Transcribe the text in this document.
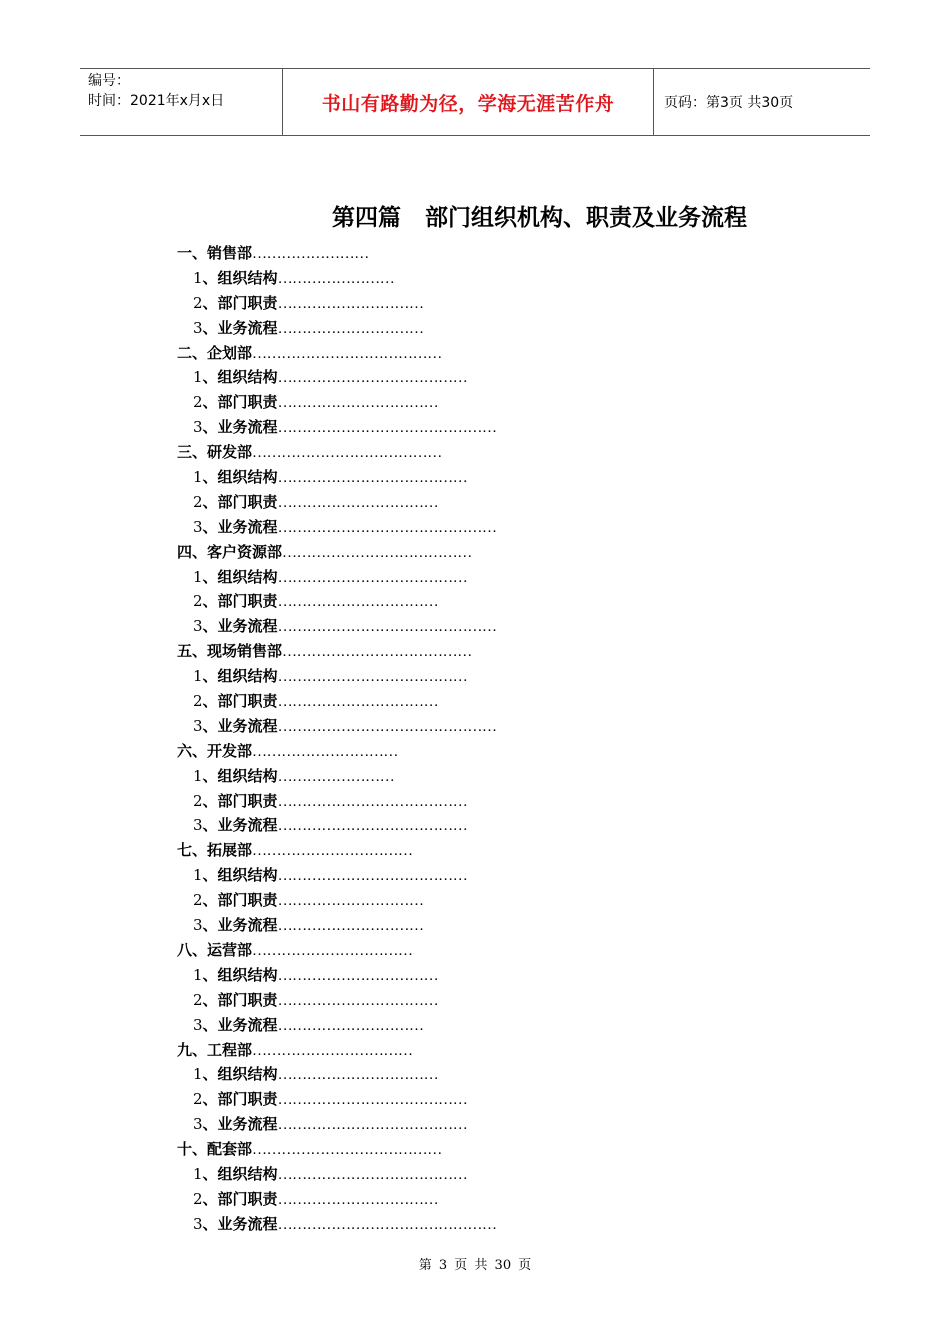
编号：
时间：2021年x月x日	书山有路勤为径，学海无涯苦作舟	页码：第3页 共30页
第四篇   部门组织机构、职责及业务流程
一、销售部……………………
1、组织结构……………………
2、部门职责…………………………
3、业务流程…………………………
二、企划部…………………………………
1、组织结构…………………………………
2、部门职责……………………………
3、业务流程………………………………………
三、研发部…………………………………
1、组织结构…………………………………
2、部门职责……………………………
3、业务流程………………………………………
四、客户资源部…………………………………
1、组织结构…………………………………
2、部门职责……………………………
3、业务流程………………………………………
五、现场销售部…………………………………
1、组织结构…………………………………
2、部门职责……………………………
3、业务流程………………………………………
六、开发部…………………………
1、组织结构……………………
2、部门职责…………………………………
3、业务流程…………………………………
七、拓展部……………………………
1、组织结构…………………………………
2、部门职责…………………………
3、业务流程…………………………
八、运营部……………………………
1、组织结构……………………………
2、部门职责……………………………
3、业务流程…………………………
九、工程部……………………………
1、组织结构……………………………
2、部门职责…………………………………
3、业务流程…………………………………
十、配套部…………………………………
1、组织结构…………………………………
2、部门职责……………………………
3、业务流程………………………………………
第 3 页 共 30 页
